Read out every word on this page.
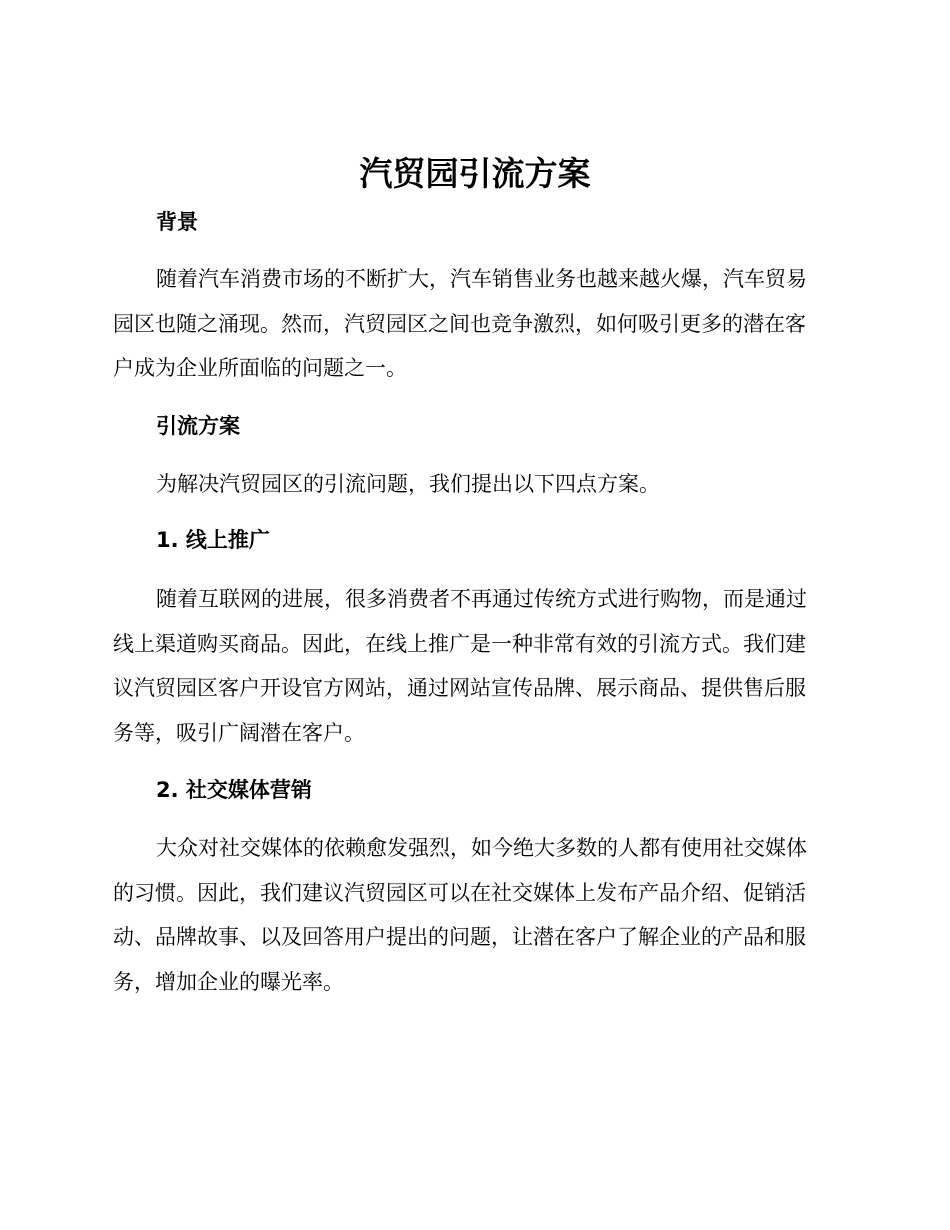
汽贸园引流方案
背景
随着汽车消费市场的不断扩大，汽车销售业务也越来越火爆，汽车贸易
园区也随之涌现。然而，汽贸园区之间也竞争激烈，如何吸引更多的潜在客
户成为企业所面临的问题之一。
引流方案
为解决汽贸园区的引流问题，我们提出以下四点方案。
1. 线上推广
随着互联网的进展，很多消费者不再通过传统方式进行购物，而是通过
线上渠道购买商品。因此，在线上推广是一种非常有效的引流方式。我们建
议汽贸园区客户开设官方网站，通过网站宣传品牌、展示商品、提供售后服
务等，吸引广阔潜在客户。
2. 社交媒体营销
大众对社交媒体的依赖愈发强烈，如今绝大多数的人都有使用社交媒体
的习惯。因此，我们建议汽贸园区可以在社交媒体上发布产品介绍、促销活
动、品牌故事、以及回答用户提出的问题，让潜在客户了解企业的产品和服
务，增加企业的曝光率。
